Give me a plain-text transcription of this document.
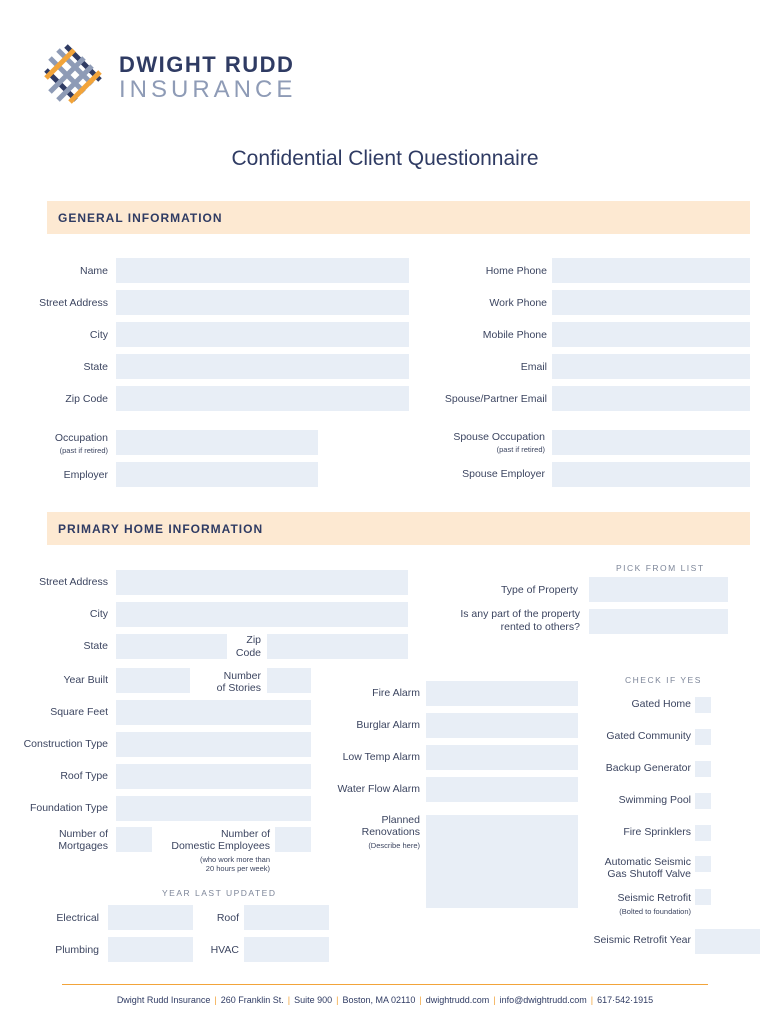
DWIGHT RUDD
INSURANCE
Confidential Client Questionnaire
GENERAL INFORMATION
Name
Street Address
City
State
Zip Code
Occupation
(past if retired)
Employer
Home Phone
Work Phone
Mobile Phone
Email
Spouse/Partner Email
Spouse Occupation
(past if retired)
Spouse Employer
PRIMARY HOME INFORMATION
PICK FROM LIST
Street Address
City
State	Zip
Code
Type of Property
Is any part of the property
rented to others?
Year Built	Number
of Stories
Square Feet
Construction Type
Roof Type
Foundation Type
Number of
Mortgages
Number of
Domestic Employees
(who work more than
20 hours per week)
Fire Alarm
Burglar Alarm
Low Temp Alarm
Water Flow Alarm
Planned
Renovations
(Describe here)
CHECK IF YES
Gated Home
Gated Community
Backup Generator
Swimming Pool
Fire Sprinklers
Automatic Seismic
Gas Shutoff Valve
Seismic Retrofit
(Bolted to foundation)
Seismic Retrofit Year
YEAR LAST UPDATED
Electrical	Roof
Plumbing	HVAC
Dwight Rudd Insurance | 260 Franklin St. | Suite 900 | Boston, MA 02110 | dwightrudd.com | info@dwightrudd.com | 617·542·1915
